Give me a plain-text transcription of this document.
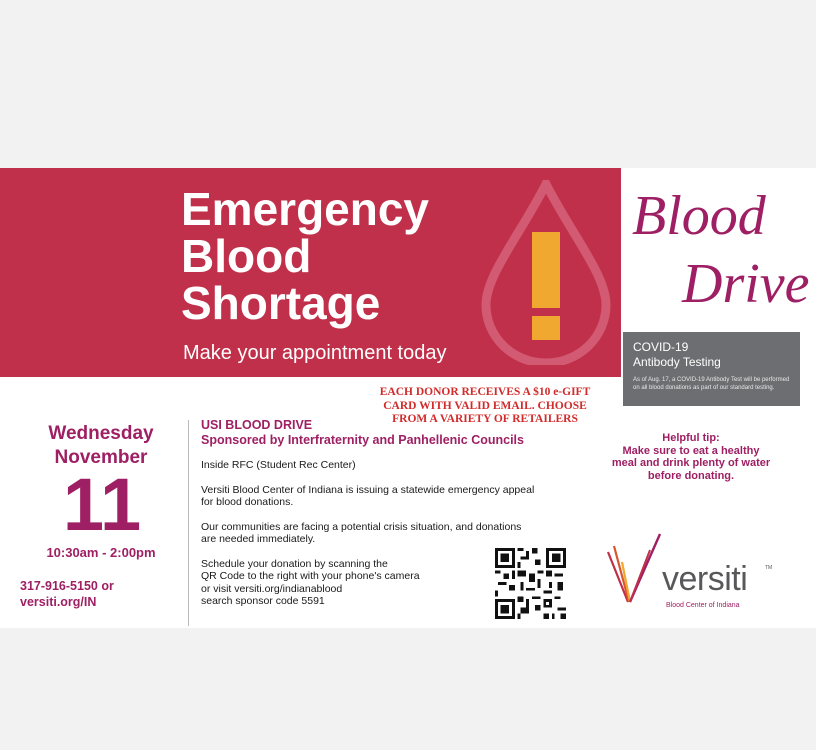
Emergency
Blood
Shortage
Make your appointment today
Blood
Drive
COVID-19
Antibody Testing
As of Aug. 17, a COVID-19 Antibody Test will be performed on all blood donations as part of our standard testing.
EACH DONOR RECEIVES A $10 e-GIFT
CARD WITH VALID EMAIL. CHOOSE
FROM A VARIETY OF RETAILERS
Wednesday
November
11
10:30am - 2:00pm
317-916-5150 or
versiti.org/IN
USI BLOOD DRIVE
Sponsored by Interfraternity and Panhellenic Councils

Inside RFC (Student Rec Center)

Versiti Blood Center of Indiana is issuing a statewide emergency appeal
for blood donations.
Our communities are facing a potential crisis situation, and donations
are needed immediately.
Schedule your donation by scanning the
QR Code to the right with your phone's camera
or visit versiti.org/indianablood
search sponsor code 5591
Helpful tip:
Make sure to eat a healthy
meal and drink plenty of water
before donating.
versiti	TM
Blood Center of Indiana
